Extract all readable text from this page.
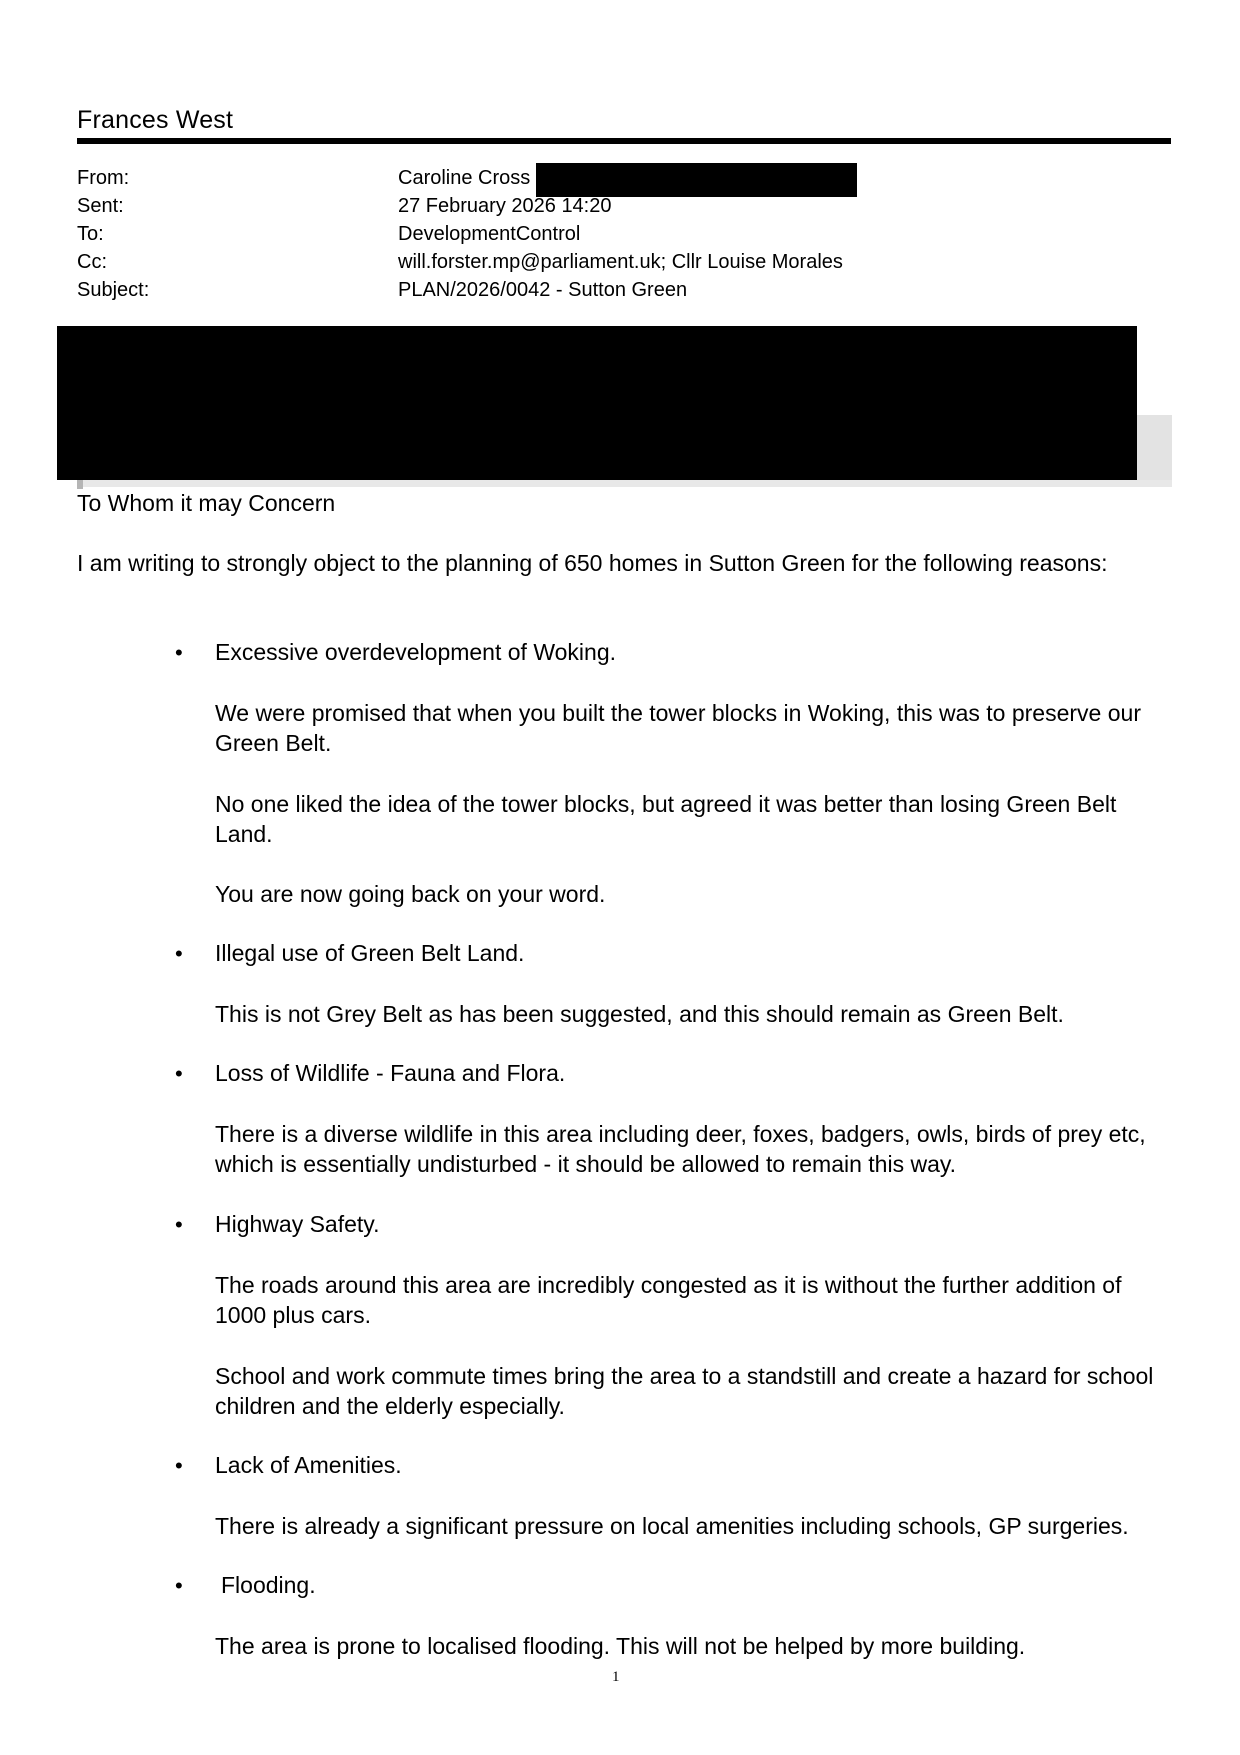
Frances West
From:	Caroline Cross
Sent:	27 February 2026 14:20
To:	DevelopmentControl
Cc:	will.forster.mp@parliament.uk; Cllr Louise Morales
Subject:	PLAN/2026/0042 - Sutton Green
To Whom it may Concern
I am writing to strongly object to the planning of 650 homes in Sutton Green for the following reasons:
• Excessive overdevelopment of Woking.
We were promised that when you built the tower blocks in Woking, this was to preserve our Green Belt.
No one liked the idea of the tower blocks, but agreed it was better than losing Green Belt Land.
You are now going back on your word.
• Illegal use of Green Belt Land.
This is not Grey Belt as has been suggested, and this should remain as Green Belt.
• Loss of Wildlife - Fauna and Flora.
There is a diverse wildlife in this area including deer, foxes, badgers, owls, birds of prey etc, which is essentially undisturbed - it should be allowed to remain this way.
• Highway Safety.
The roads around this area are incredibly congested as it is without the further addition of 1000 plus cars.
School and work commute times bring the area to a standstill and create a hazard for school children and the elderly especially.
• Lack of Amenities.
There is already a significant pressure on local amenities including schools, GP surgeries.
• Flooding.
The area is prone to localised flooding. This will not be helped by more building.
1
